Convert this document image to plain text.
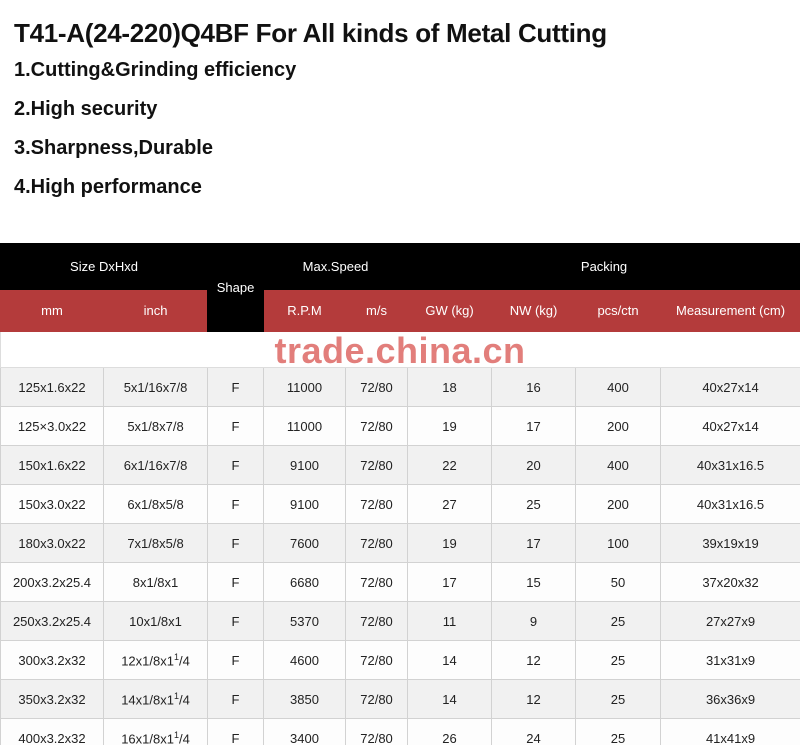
T41-A(24-220)Q4BF For All kinds of Metal Cutting
1.Cutting&Grinding efficiency
2.High security
3.Sharpness,Durable
4.High performance
Size DxHxd		Shape	Max.Speed		Packing			
mm	inch		R.P.M	m/s	GW (kg)	NW (kg)	pcs/ctn	Measurement (cm)

125x1.6x22	5x1/16x7/8	F	11000	72/80	18	16	400	40x27x14
125×3.0x22	5x1/8x7/8	F	11000	72/80	19	17	200	40x27x14
150x1.6x22	6x1/16x7/8	F	9100	72/80	22	20	400	40x31x16.5
150x3.0x22	6x1/8x5/8	F	9100	72/80	27	25	200	40x31x16.5
180x3.0x22	7x1/8x5/8	F	7600	72/80	19	17	100	39x19x19
200x3.2x25.4	8x1/8x1	F	6680	72/80	17	15	50	37x20x32
250x3.2x25.4	10x1/8x1	F	5370	72/80	11	9	25	27x27x9
300x3.2x32	$12x1/8x1^1/4$	F	4600	72/80	14	12	25	31x31x9
350x3.2x32	$14x1/8x1^1/4$	F	3850	72/80	14	12	25	36x36x9
400x3.2x32	$16x1/8x1^1/4$	F	3400	72/80	26	24	25	41x41x9
trade.china.cn
